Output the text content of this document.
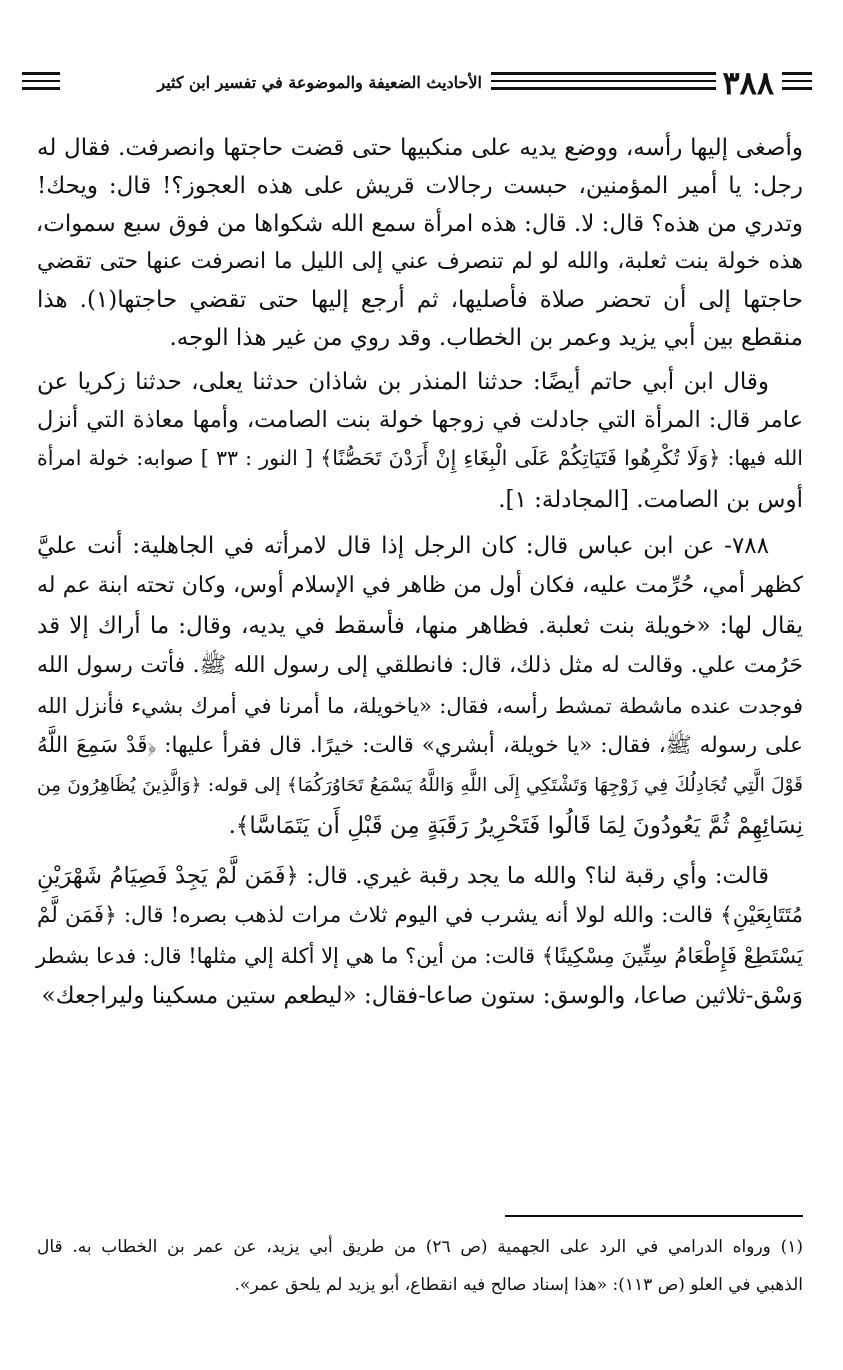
٣٨٨
الأحاديث الضعيفة والموضوعة في تفسير ابن كثير
وأصغى إليها رأسه، ووضع يديه على منكبيها حتى قضت حاجتها وانصرفت. فقال له
رجل: يا أمير المؤمنين، حبست رجالات قريش على هذه العجوز؟! قال: ويحك!
وتدري من هذه؟ قال: لا. قال: هذه امرأة سمع الله شكواها من فوق سبع سموات،
هذه خولة بنت ثعلبة، والله لو لم تنصرف عني إلى الليل ما انصرفت عنها حتى تقضي
حاجتها إلى أن تحضر صلاة فأصليها، ثم أرجع إليها حتى تقضي حاجتها(١). هذا
منقطع بين أبي يزيد وعمر بن الخطاب. وقد روي من غير هذا الوجه.
وقال ابن أبي حاتم أيضًا: حدثنا المنذر بن شاذان حدثنا يعلى، حدثنا زكريا عن
عامر قال: المرأة التي جادلت في زوجها خولة بنت الصامت، وأمها معاذة التي أنزل
الله فيها: ﴿وَلَا تُكْرِهُوا فَتَيَاتِكُمْ عَلَى الْبِغَاءِ إِنْ أَرَدْنَ تَحَصُّنًا﴾ [ النور : ٣٣ ] صوابه: خولة امرأة
أوس بن الصامت. [المجادلة: ١].
٧٨٨- عن ابن عباس قال: كان الرجل إذا قال لامرأته في الجاهلية: أنت عليَّ
كظهر أمي، حُرِّمت عليه، فكان أول من ظاهر في الإسلام أوس، وكان تحته ابنة عم له
يقال لها: «خويلة بنت ثعلبة. فظاهر منها، فأسقط في يديه، وقال: ما أراك إلا قد
حَرُمت علي. وقالت له مثل ذلك، قال: فانطلقي إلى رسول الله ﷺ. فأتت رسول الله
فوجدت عنده ماشطة تمشط رأسه، فقال: «ياخويلة، ما أمرنا في أمرك بشيء فأنزل الله
على رسوله ﷺ، فقال: «يا خويلة، أبشري» قالت: خيرًا. قال فقرأ عليها: ﴿قَدْ سَمِعَ اللَّهُ
قَوْلَ الَّتِي تُجَادِلُكَ فِي زَوْجِهَا وَتَشْتَكِي إِلَى اللَّهِ وَاللَّهُ يَسْمَعُ تَحَاوُرَكُمَا﴾ إلى قوله: ﴿وَالَّذِينَ يُظَاهِرُونَ مِن
نِسَائِهِمْ ثُمَّ يَعُودُونَ لِمَا قَالُوا فَتَحْرِيرُ رَقَبَةٍ مِن قَبْلِ أَن يَتَمَاسَّا﴾.
قالت: وأي رقبة لنا؟ والله ما يجد رقبة غيري. قال: ﴿فَمَن لَّمْ يَجِدْ فَصِيَامُ شَهْرَيْنِ
مُتَتَابِعَيْنِ﴾ قالت: والله لولا أنه يشرب في اليوم ثلاث مرات لذهب بصره! قال: ﴿فَمَن لَّمْ
يَسْتَطِعْ فَإِطْعَامُ سِتِّينَ مِسْكِينًا﴾ قالت: من أين؟ ما هي إلا أكلة إلي مثلها! قال: فدعا بشطر
وَسْق-ثلاثين صاعا، والوسق: ستون صاعا-فقال: «ليطعم ستين مسكينا وليراجعك»
(١) ورواه الدرامي في الرد على الجهمية (ص ٢٦) من طريق أبي يزيد، عن عمر بن الخطاب به. قال
الذهبي في العلو (ص ١١٣): «هذا إسناد صالح فيه انقطاع، أبو يزيد لم يلحق عمر».
